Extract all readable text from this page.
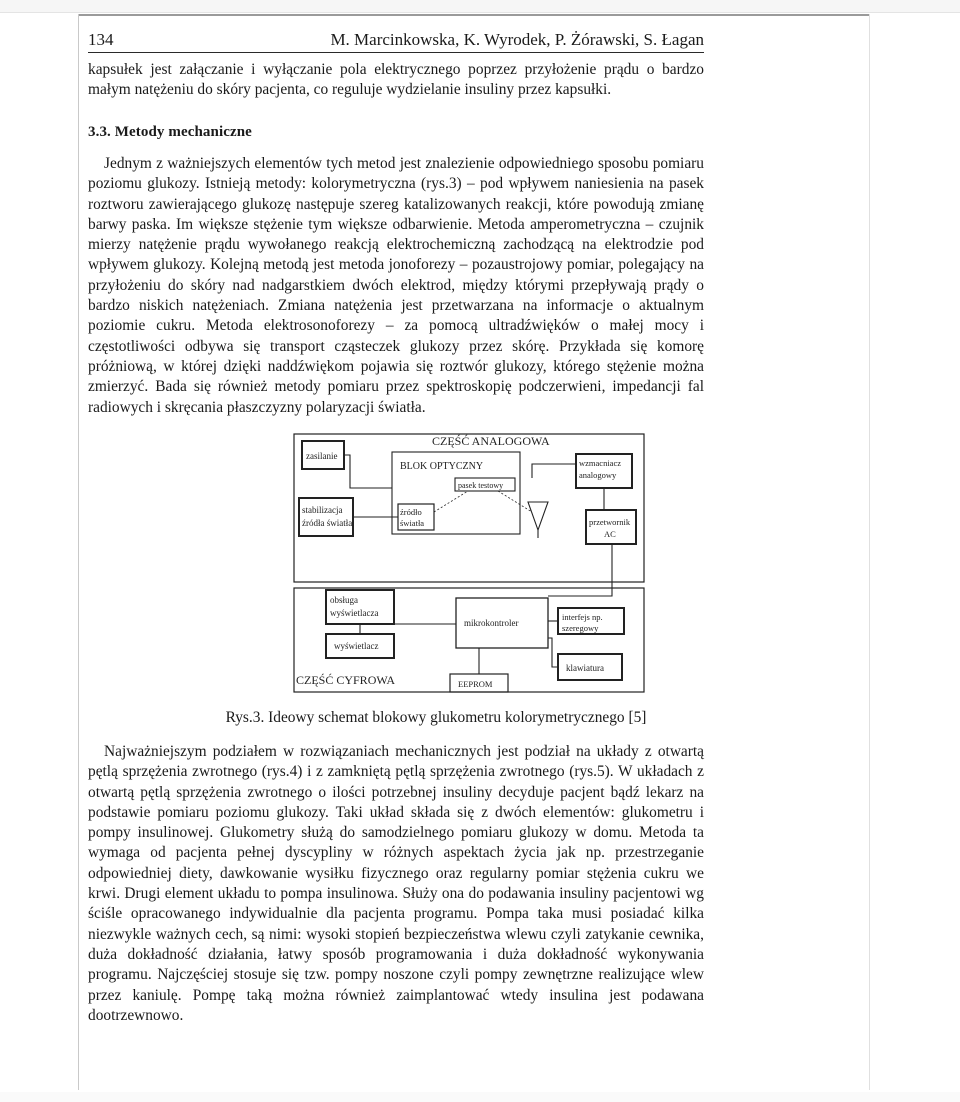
134	M. Marcinkowska, K. Wyrodek, P. Żórawski, S. Łagan
kapsułek jest załączanie i wyłączanie pola elektrycznego poprzez przyłożenie prądu o bardzo małym natężeniu do skóry pacjenta, co reguluje wydzielanie insuliny przez kapsułki.
3.3. Metody mechaniczne
Jednym z ważniejszych elementów tych metod jest znalezienie odpowiedniego sposobu pomiaru poziomu glukozy. Istnieją metody: kolorymetryczna (rys.3) – pod wpływem naniesienia na pasek roztworu zawierającego glukozę następuje szereg katalizowanych reakcji, które powodują zmianę barwy paska. Im większe stężenie tym większe odbarwienie. Metoda amperometryczna – czujnik mierzy natężenie prądu wywołanego reakcją elektrochemiczną zachodzącą na elektrodzie pod wpływem glukozy. Kolejną metodą jest metoda jonoforezy – pozaustrojowy pomiar, polegający na przyłożeniu do skóry nad nadgarstkiem dwóch elektrod, między którymi przepływają prądy o bardzo niskich natężeniach. Zmiana natężenia jest przetwarzana na informacje o aktualnym poziomie cukru. Metoda elektrosonoforezy – za pomocą ultradźwięków o małej mocy i częstotliwości odbywa się transport cząsteczek glukozy przez skórę. Przykłada się komorę próżniową, w której dzięki naddźwiękom pojawia się roztwór glukozy, którego stężenie można zmierzyć. Bada się również metody pomiaru przez spektroskopię podczerwieni, impedancji fal radiowych i skręcania płaszczyzny polaryzacji światła.
CZĘŚĆ ANALOGOWA
CZĘŚĆ CYFROWA
BLOK OPTYCZNY
pasek testowy
zasilanie
wzmacniacz
analogowy
stabilizacja
źródła światła
źródło
światła	przetwornik
AC
obsługa
wyświetlacza
wyświetlacz
mikrokontroler
interfejs np.
szeregowy
klawiatura
EEPROM
Rys.3. Ideowy schemat blokowy glukometru kolorymetrycznego [5]
Najważniejszym podziałem w rozwiązaniach mechanicznych jest podział na układy z otwartą pętlą sprzężenia zwrotnego (rys.4) i z zamkniętą pętlą sprzężenia zwrotnego (rys.5). W układach z otwartą pętlą sprzężenia zwrotnego o ilości potrzebnej insuliny decyduje pacjent bądź lekarz na podstawie pomiaru poziomu glukozy. Taki układ składa się z dwóch elementów: glukometru i pompy insulinowej. Glukometry służą do samodzielnego pomiaru glukozy w domu. Metoda ta wymaga od pacjenta pełnej dyscypliny w różnych aspektach życia jak np. przestrzeganie odpowiedniej diety, dawkowanie wysiłku fizycznego oraz regularny pomiar stężenia cukru we krwi. Drugi element układu to pompa insulinowa. Służy ona do podawania insuliny pacjentowi wg ściśle opracowanego indywidualnie dla pacjenta programu. Pompa taka musi posiadać kilka niezwykle ważnych cech, są nimi: wysoki stopień bezpieczeństwa wlewu czyli zatykanie cewnika, duża dokładność działania, łatwy sposób programowania i duża dokładność wykonywania programu. Najczęściej stosuje się tzw. pompy noszone czyli pompy zewnętrzne realizujące wlew przez kaniulę. Pompę taką można również zaimplantować wtedy insulina jest podawana dootrzewnowo.
